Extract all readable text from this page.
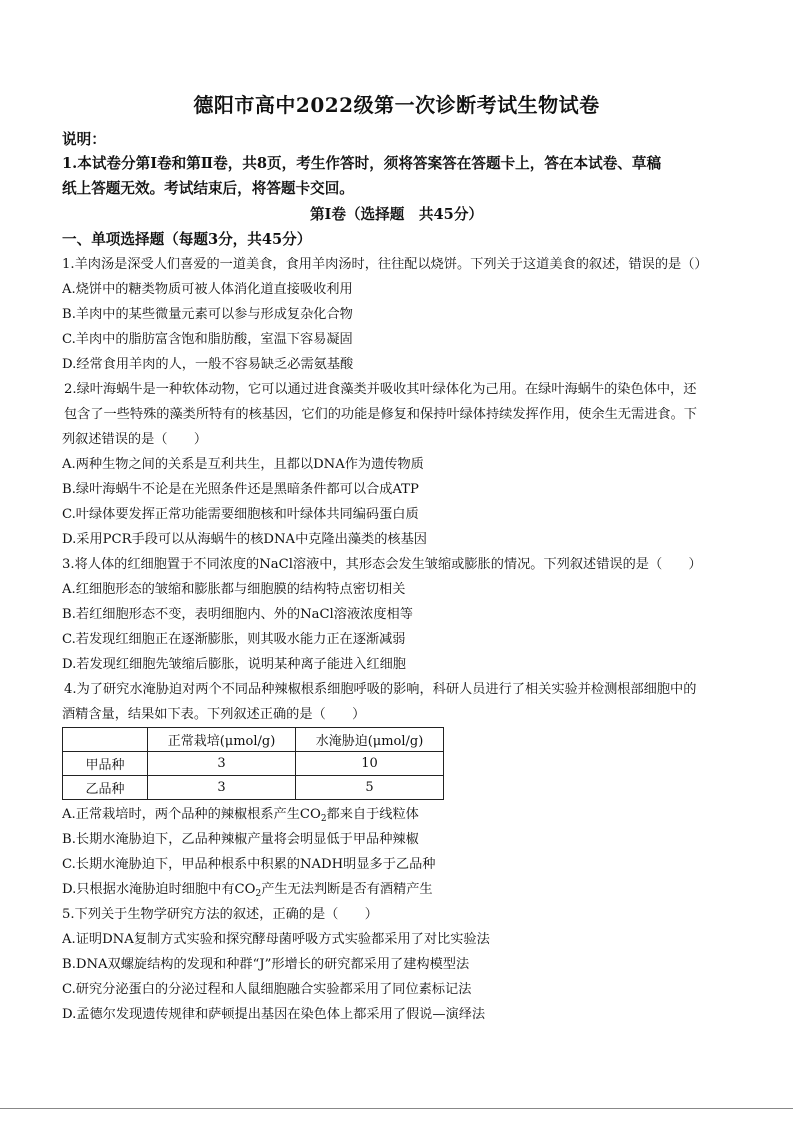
德阳市高中2022级第一次诊断考试生物试卷
说明：
1.本试卷分第Ⅰ卷和第Ⅱ卷，共8页，考生作答时，须将答案答在答题卡上，答在本试卷、草稿
纸上答题无效。考试结束后，将答题卡交回。
第Ⅰ卷（选择题　共45分）
一、单项选择题（每题3分，共45分）
1.羊肉汤是深受人们喜爱的一道美食，食用羊肉汤时，往往配以烧饼。下列关于这道美食的叙述，错误的是（）
A.烧饼中的糖类物质可被人体消化道直接吸收利用
B.羊肉中的某些微量元素可以参与形成复杂化合物
C.羊肉中的脂肪富含饱和脂肪酸，室温下容易凝固
D.经常食用羊肉的人，一般不容易缺乏必需氨基酸
2.绿叶海蜗牛是一种软体动物，它可以通过进食藻类并吸收其叶绿体化为己用。在绿叶海蜗牛的染色体中，还
包含了一些特殊的藻类所特有的核基因，它们的功能是修复和保持叶绿体持续发挥作用，使余生无需进食。下
列叙述错误的是（　　）
A.两种生物之间的关系是互利共生，且都以DNA作为遗传物质
B.绿叶海蜗牛不论是在光照条件还是黑暗条件都可以合成ATP
C.叶绿体要发挥正常功能需要细胞核和叶绿体共同编码蛋白质
D.采用PCR手段可以从海蜗牛的核DNA中克隆出藻类的核基因
3.将人体的红细胞置于不同浓度的NaCl溶液中，其形态会发生皱缩或膨胀的情况。下列叙述错误的是（　　）
A.红细胞形态的皱缩和膨胀都与细胞膜的结构特点密切相关
B.若红细胞形态不变，表明细胞内、外的NaCl溶液浓度相等
C.若发现红细胞正在逐渐膨胀，则其吸水能力正在逐渐减弱
D.若发现红细胞先皱缩后膨胀，说明某种离子能进入红细胞
4.为了研究水淹胁迫对两个不同品种辣椒根系细胞呼吸的影响，科研人员进行了相关实验并检测根部细胞中的
酒精含量，结果如下表。下列叙述正确的是（　　）
	正常栽培(μmol/g)	水淹胁迫(μmol/g)
甲品种	3	10
乙品种	3	5
A.正常栽培时，两个品种的辣椒根系产生$CO_2$都来自于线粒体
B.长期水淹胁迫下，乙品种辣椒产量将会明显低于甲品种辣椒
C.长期水淹胁迫下，甲品种根系中积累的NADH明显多于乙品种
D.只根据水淹胁迫时细胞中有$CO_2$产生无法判断是否有酒精产生
5.下列关于生物学研究方法的叙述，正确的是（　　）
A.证明DNA复制方式实验和探究酵母菌呼吸方式实验都采用了对比实验法
B.DNA双螺旋结构的发现和种群“J”形增长的研究都采用了建构模型法
C.研究分泌蛋白的分泌过程和人鼠细胞融合实验都采用了同位素标记法
D.孟德尔发现遗传规律和萨顿提出基因在染色体上都采用了假说—演绎法
